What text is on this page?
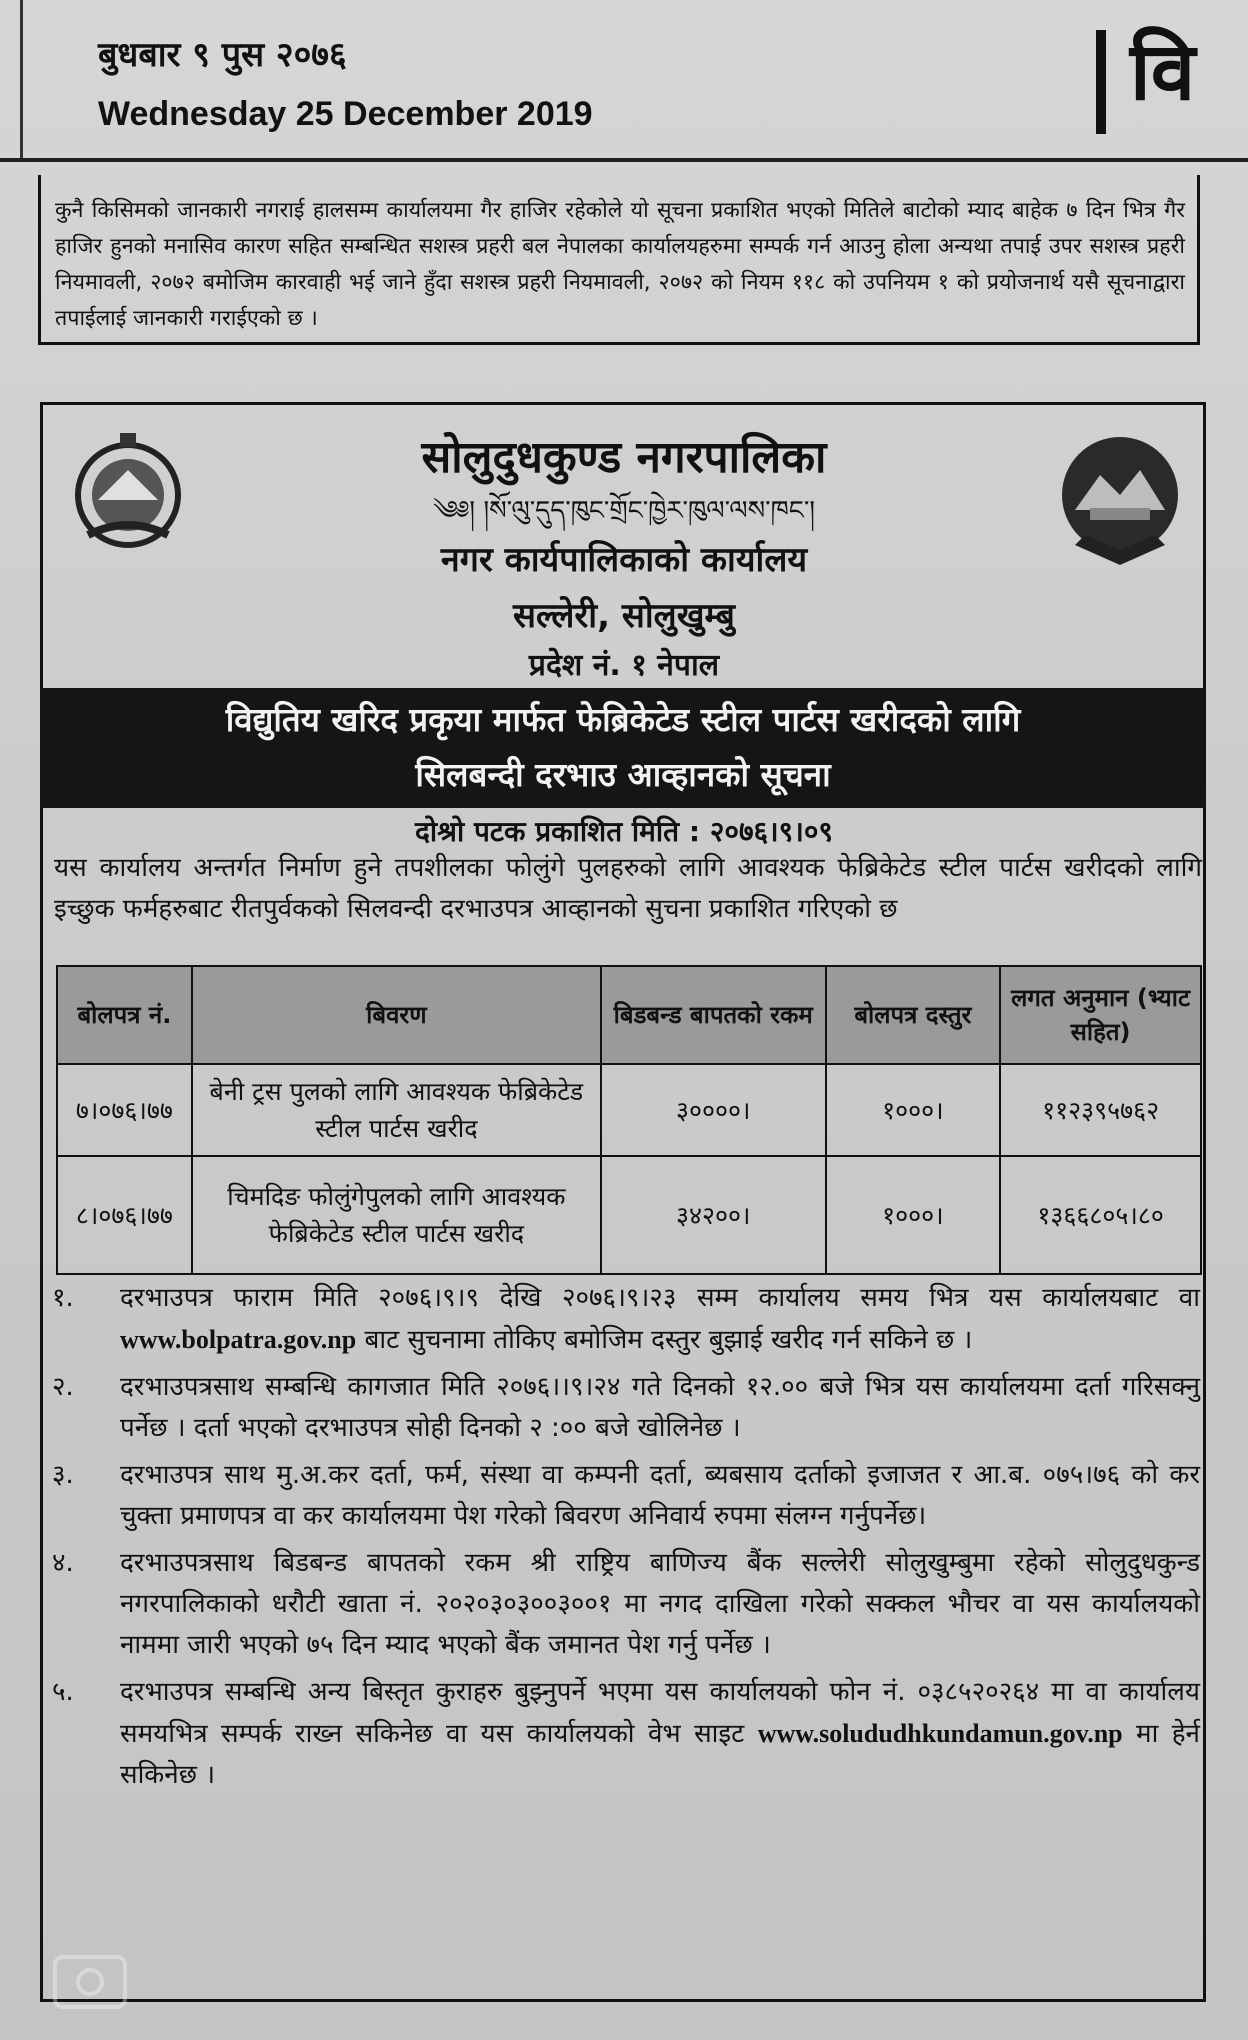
बुधबार ९ पुस २०७६
Wednesday 25 December 2019	वि
कुनै किसिमको जानकारी नगराई हालसम्म कार्यालयमा गैर हाजिर रहेकोले यो सूचना प्रकाशित भएको मितिले बाटोको म्याद बाहेक ७ दिन भित्र गैर हाजिर हुनको मनासिव कारण सहित सम्बन्धित सशस्त्र प्रहरी बल नेपालका कार्यालयहरुमा सम्पर्क गर्न आउनु होला अन्यथा तपाई उपर सशस्त्र प्रहरी नियमावली, २०७२ बमोजिम कारवाही भई जाने हुँदा सशस्त्र प्रहरी नियमावली, २०७२ को नियम ११८ को उपनियम १ को प्रयोजनार्थ यसै सूचनाद्वारा तपाईलाई जानकारी गराईएको छ ।
सोलुदुधकुण्ड नगरपालिका
༄༅། །སོ་ལུ་དུད་ཁུང་གྲོང་ཁྱེར་ཁུལ་ལས་ཁང་།
नगर कार्यपालिकाको कार्यालय
सल्लेरी, सोलुखुम्बु
प्रदेश नं. १ नेपाल
विद्युतिय खरिद प्रकृया मार्फत फेब्रिकेटेड स्टील पार्टस खरीदको लागि
सिलबन्दी दरभाउ आव्हानको सूचना
दोश्रो पटक प्रकाशित मिति : २०७६।९।०९
यस कार्यालय अन्तर्गत निर्माण हुने तपशीलका फोलुंगे पुलहरुको लागि आवश्यक फेब्रिकेटेड स्टील पार्टस खरीदको लागि इच्छुक फर्महरुबाट रीतपुर्वकको सिलवन्दी दरभाउपत्र आव्हानको सुचना प्रकाशित गरिएको छ
बोलपत्र नं.	बिवरण	बिडबन्ड बापतको रकम	बोलपत्र दस्तुर	लगत अनुमान (भ्याट सहित)
७।०७६।७७	बेनी ट्रस पुलको लागि आवश्यक फेब्रिकेटेड स्टील पार्टस खरीद	३००००।	१०००।	११२३९५७६२
८।०७६।७७	चिमदिङ फोलुंगेपुलको लागि आवश्यक फेब्रिकेटेड स्टील पार्टस खरीद	३४२००।	१०००।	१३६६८०५।८०
१. दरभाउपत्र फाराम मिति २०७६।९।९ देखि २०७६।९।२३ सम्म कार्यालय समय भित्र यस कार्यालयबाट वा www.bolpatra.gov.np बाट सुचनामा तोकिए बमोजिम दस्तुर बुझाई खरीद गर्न सकिने छ ।
२. दरभाउपत्रसाथ सम्बन्धि कागजात मिति २०७६।।९।२४ गते दिनको १२.०० बजे भित्र यस कार्यालयमा दर्ता गरिसक्नु पर्नेछ । दर्ता भएको दरभाउपत्र सोही दिनको २ :०० बजे खोलिनेछ ।
३. दरभाउपत्र साथ मु.अ.कर दर्ता, फर्म, संस्था वा कम्पनी दर्ता, ब्यबसाय दर्ताको इजाजत र आ.ब. ०७५।७६ को कर चुक्ता प्रमाणपत्र वा कर कार्यालयमा पेश गरेको बिवरण अनिवार्य रुपमा संलग्न गर्नुपर्नेछ।
४. दरभाउपत्रसाथ बिडबन्ड बापतको रकम श्री राष्ट्रिय बाणिज्य बैंक सल्लेरी सोलुखुम्बुमा रहेको सोलुदुधकुन्ड नगरपालिकाको धरौटी खाता नं. २०२०३०३००३००१ मा नगद दाखिला गरेको सक्कल भौचर वा यस कार्यालयको नाममा जारी भएको ७५ दिन म्याद भएको बैंक जमानत पेश गर्नु पर्नेछ ।
५. दरभाउपत्र सम्बन्धि अन्य बिस्तृत कुराहरु बुझ्नुपर्ने भएमा यस कार्यालयको फोन नं. ०३८५२०२६४ मा वा कार्यालय समयभित्र सम्पर्क राख्न सकिनेछ वा यस कार्यालयको वेभ साइट www.solududhkundamun.gov.np मा हेर्न सकिनेछ ।
